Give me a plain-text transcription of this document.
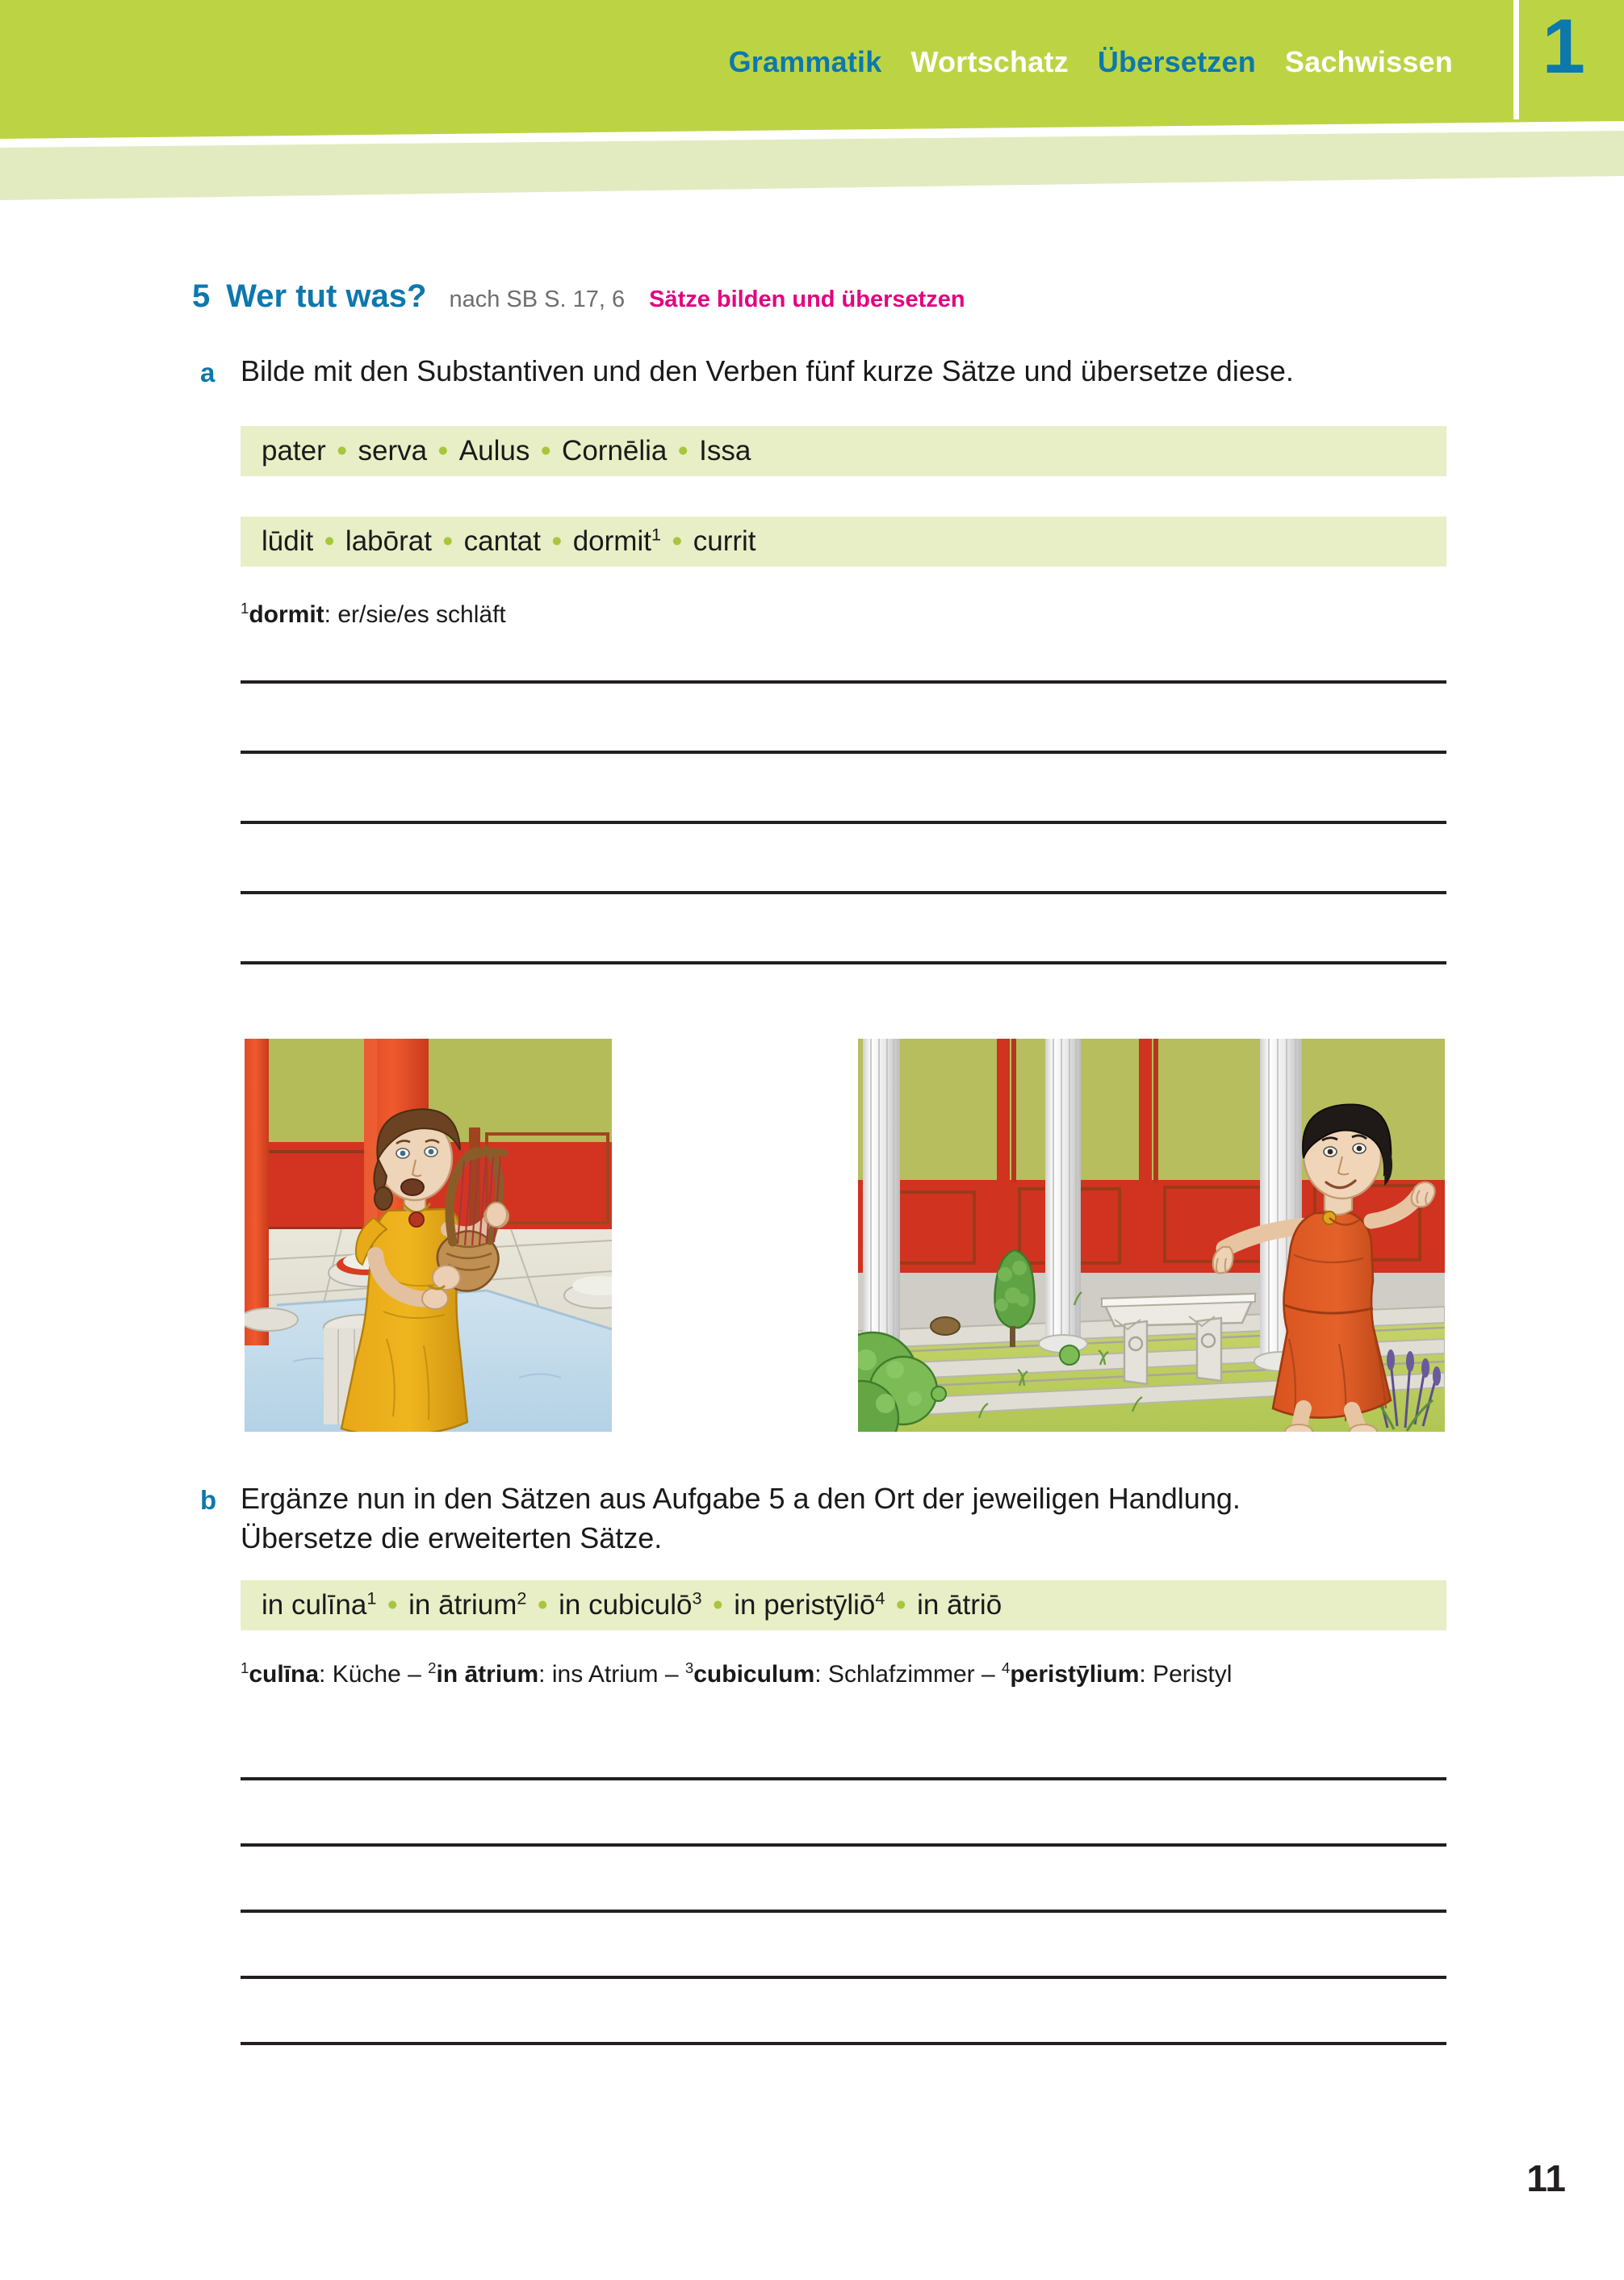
Grammatik Wortschatz Übersetzen Sachwissen 1
5 Wer tut was? nach SB S. 17, 6 Sätze bilden und übersetzen
a Bilde mit den Substantiven und den Verben fünf kurze Sätze und übersetze diese.
pater • serva • Aulus • Cornēlia • Issa
lūdit • labōrat • cantat • dormit$^1$ • currit
$^1$dormit: er/sie/es schläft
b Ergänze nun in den Sätzen aus Aufgabe 5 a den Ort der jeweiligen Handlung.
Übersetze die erweiterten Sätze.
in culīna$^1$ • in ātrium$^2$ • in cubiculō$^3$ • in peristȳliō$^4$ • in ātriō
$^1$culīna: Küche – $^2$in ātrium: ins Atrium – $^3$cubiculum: Schlafzimmer – $^4$peristȳlium: Peristyl
11
